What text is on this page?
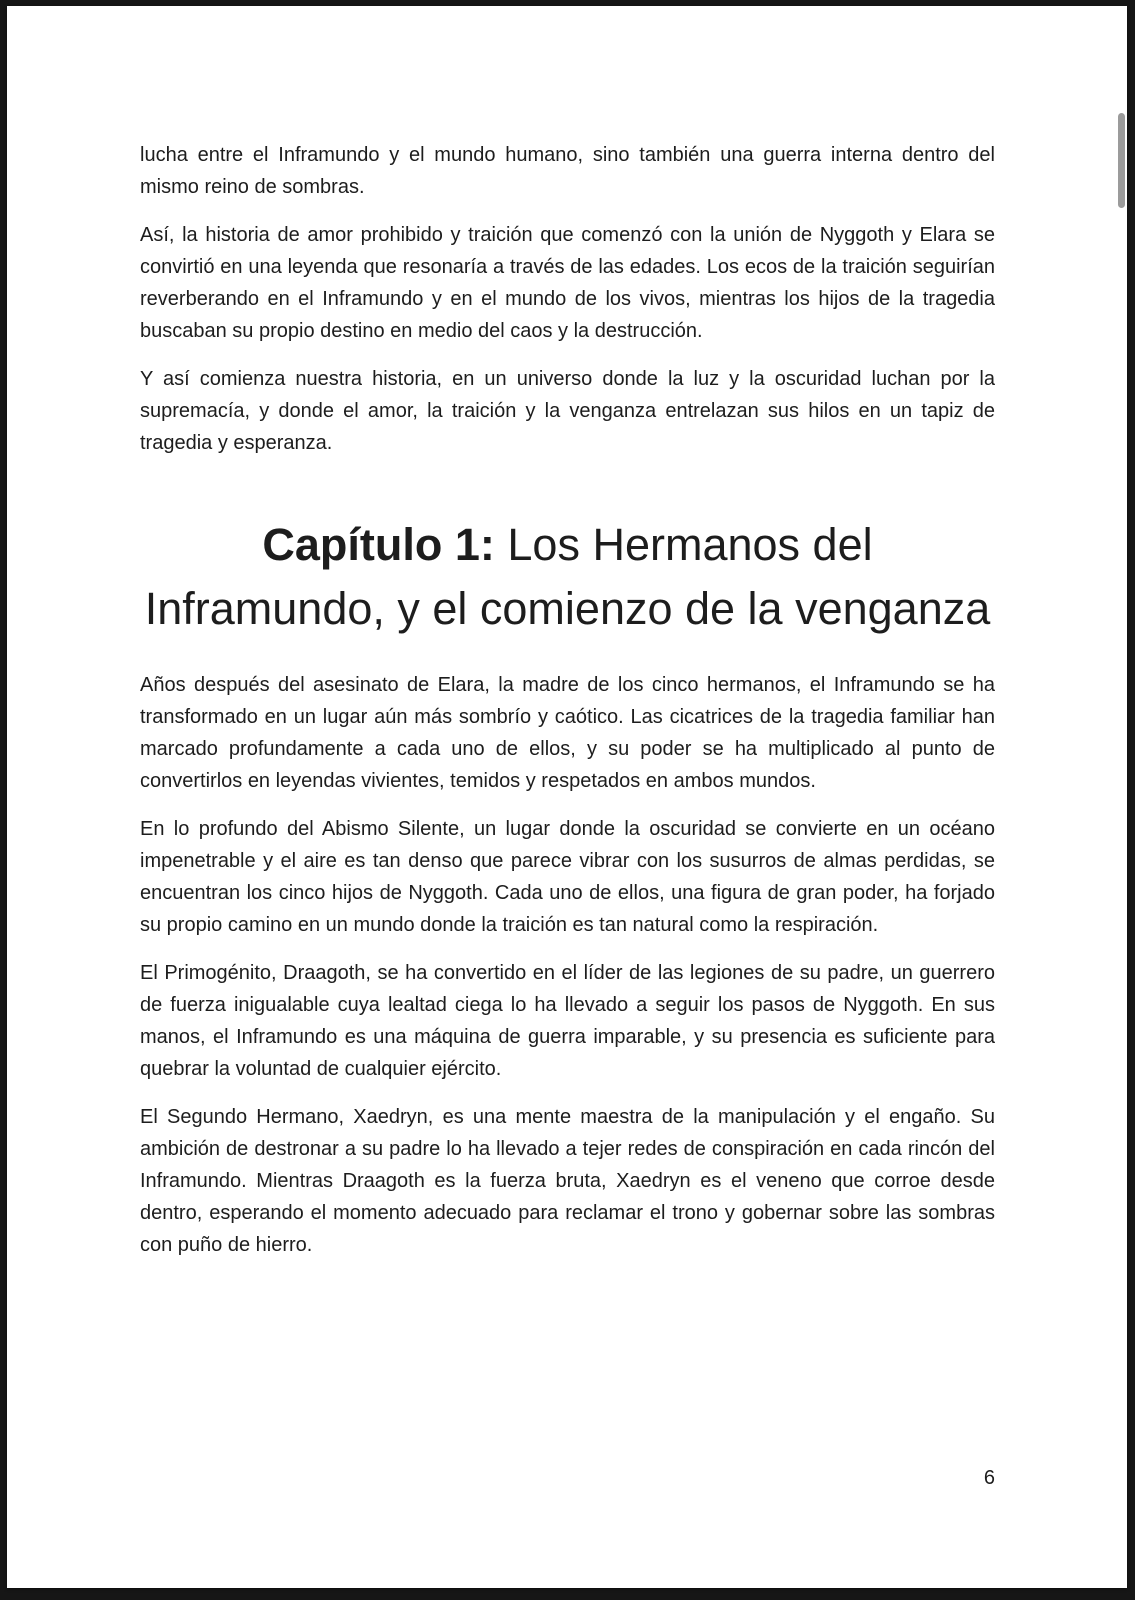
lucha entre el Inframundo y el mundo humano, sino también una guerra interna dentro del mismo reino de sombras.

Así, la historia de amor prohibido y traición que comenzó con la unión de Nyggoth y Elara se convirtió en una leyenda que resonaría a través de las edades. Los ecos de la traición seguirían reverberando en el Inframundo y en el mundo de los vivos, mientras los hijos de la tragedia buscaban su propio destino en medio del caos y la destrucción.

Y así comienza nuestra historia, en un universo donde la luz y la oscuridad luchan por la supremacía, y donde el amor, la traición y la venganza entrelazan sus hilos en un tapiz de tragedia y esperanza.

Capítulo 1: Los Hermanos del Inframundo, y el comienzo de la venganza

Años después del asesinato de Elara, la madre de los cinco hermanos, el Inframundo se ha transformado en un lugar aún más sombrío y caótico. Las cicatrices de la tragedia familiar han marcado profundamente a cada uno de ellos, y su poder se ha multiplicado al punto de convertirlos en leyendas vivientes, temidos y respetados en ambos mundos.

En lo profundo del Abismo Silente, un lugar donde la oscuridad se convierte en un océano impenetrable y el aire es tan denso que parece vibrar con los susurros de almas perdidas, se encuentran los cinco hijos de Nyggoth. Cada uno de ellos, una figura de gran poder, ha forjado su propio camino en un mundo donde la traición es tan natural como la respiración.

El Primogénito, Draagoth, se ha convertido en el líder de las legiones de su padre, un guerrero de fuerza inigualable cuya lealtad ciega lo ha llevado a seguir los pasos de Nyggoth. En sus manos, el Inframundo es una máquina de guerra imparable, y su presencia es suficiente para quebrar la voluntad de cualquier ejército.

El Segundo Hermano, Xaedryn, es una mente maestra de la manipulación y el engaño. Su ambición de destronar a su padre lo ha llevado a tejer redes de conspiración en cada rincón del Inframundo. Mientras Draagoth es la fuerza bruta, Xaedryn es el veneno que corroe desde dentro, esperando el momento adecuado para reclamar el trono y gobernar sobre las sombras con puño de hierro.

6
